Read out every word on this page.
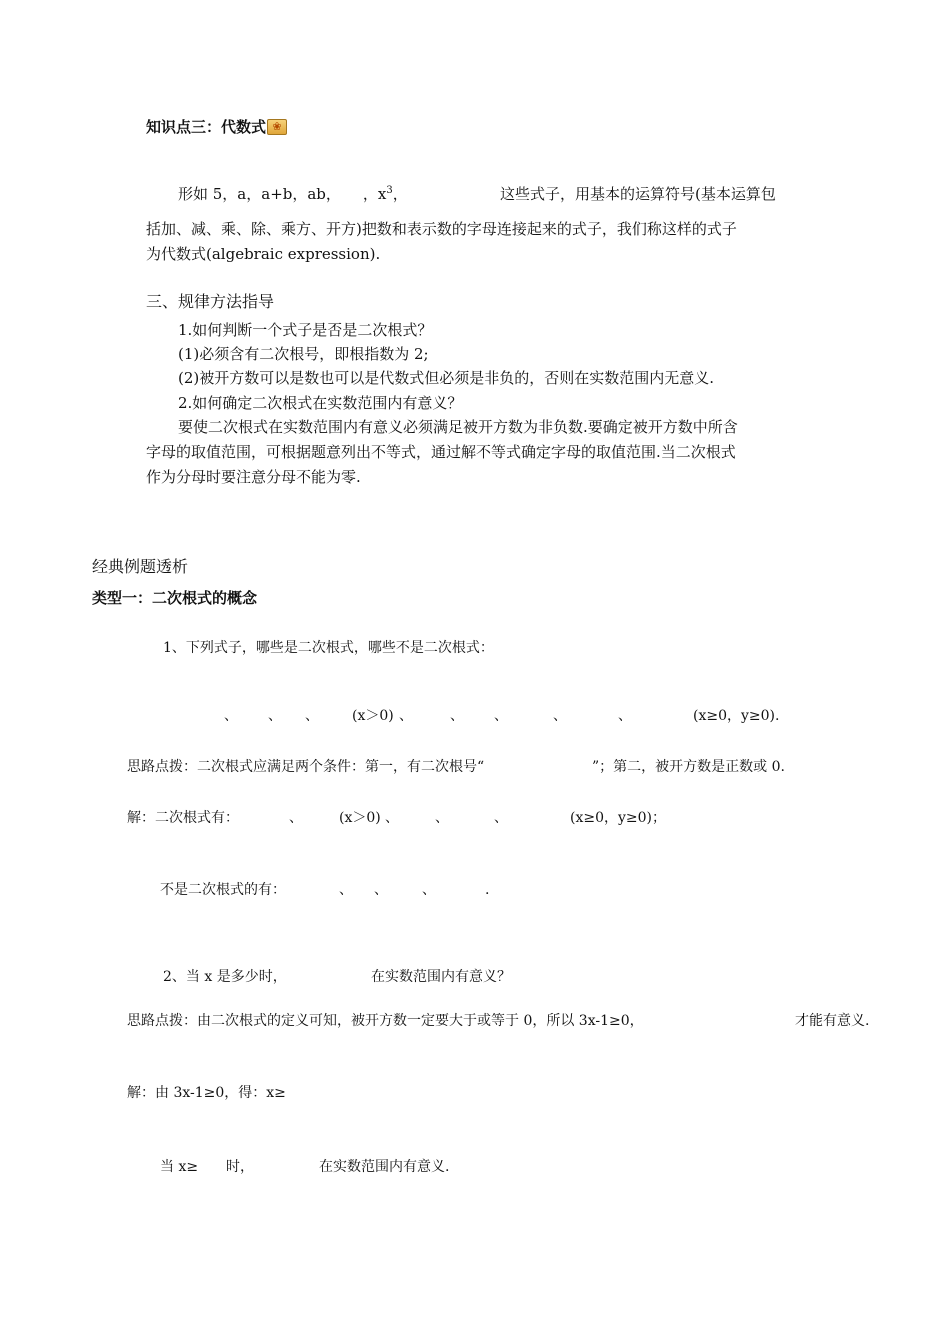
知识点三：代数式 ❀
形如 5，a，a+b，ab， ，$x^3$，	这些式子，用基本的运算符号(基本运算包
括加、减、乘、除、乘方、开方)把数和表示数的字母连接起来的式子，我们称这样的式子
为代数式(algebraic expression).
三、规律方法指导
1.如何判断一个式子是否是二次根式？
(1)必须含有二次根号，即根指数为 2;
(2)被开方数可以是数也可以是代数式但必须是非负的，否则在实数范围内无意义.
2.如何确定二次根式在实数范围内有意义？
要使二次根式在实数范围内有意义必须满足被开方数为非负数.要确定被开方数中所含
字母的取值范围，可根据题意列出不等式，通过解不等式确定字母的取值范围.当二次根式
作为分母时要注意分母不能为零.
经典例题透析
类型一：二次根式的概念
1、下列式子，哪些是二次根式，哪些不是二次根式：
、 、 、 (x＞0) 、	、 、	、	、	(x≥0，y≥0).
思路点拨：二次根式应满足两个条件：第一，有二次根号“	”；第二，被开方数是正数或 0.
解：二次根式有：	、	(x＞0) 、	、	、	(x≥0，y≥0)；
不是二次根式的有：	、 、 、	.
2、当 x 是多少时，	在实数范围内有意义？
思路点拨：由二次根式的定义可知，被开方数一定要大于或等于 0，所以 3x-1≥0，	才能有意义.
解：由 3x-1≥0，得：x≥
当 x≥ 时，	在实数范围内有意义.
